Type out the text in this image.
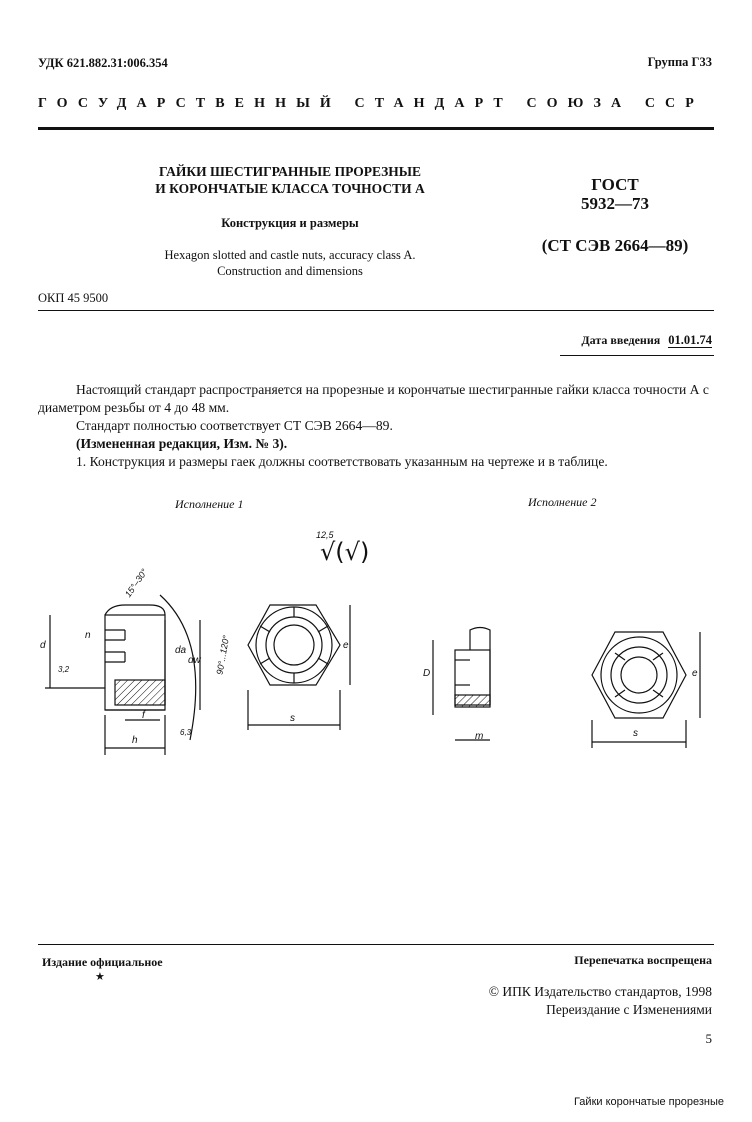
УДК 621.882.31:006.354	Группа Г33
ГОСУДАРСТВЕННЫЙ СТАНДАРТ СОЮЗА ССР
ГАЙКИ ШЕСТИГРАННЫЕ ПРОРЕЗНЫЕ
И КОРОНЧАТЫЕ КЛАССА ТОЧНОСТИ А
Конструкция и размеры
Hexagon slotted and castle nuts, accuracy class A.
Construction and dimensions
ГОСТ
5932—73
(СТ СЭВ 2664—89)
ОКП 45 9500
Дата введения 01.01.74

Настоящий стандарт распространяется на прорезные и корончатые шестигранные гайки класса точности А с диаметром резьбы от 4 до 48 мм.

Стандарт полностью соответствует СТ СЭВ 2664—89.

(Измененная редакция, Изм. № 3).

1. Конструкция и размеры гаек должны соответствовать указанным на чертеже и в таблице.

Исполнение 1	Исполнение 2
12,5
√(√)
d
n
3,2
15°–30°
da
dw 90°...120°
6,3
f
h
s
e
D
m	s
e
Издание официальное
★
Перепечатка воспрещена
© ИПК Издательство стандартов, 1998
Переиздание с Изменениями
5
Гайки корончатые прорезные
